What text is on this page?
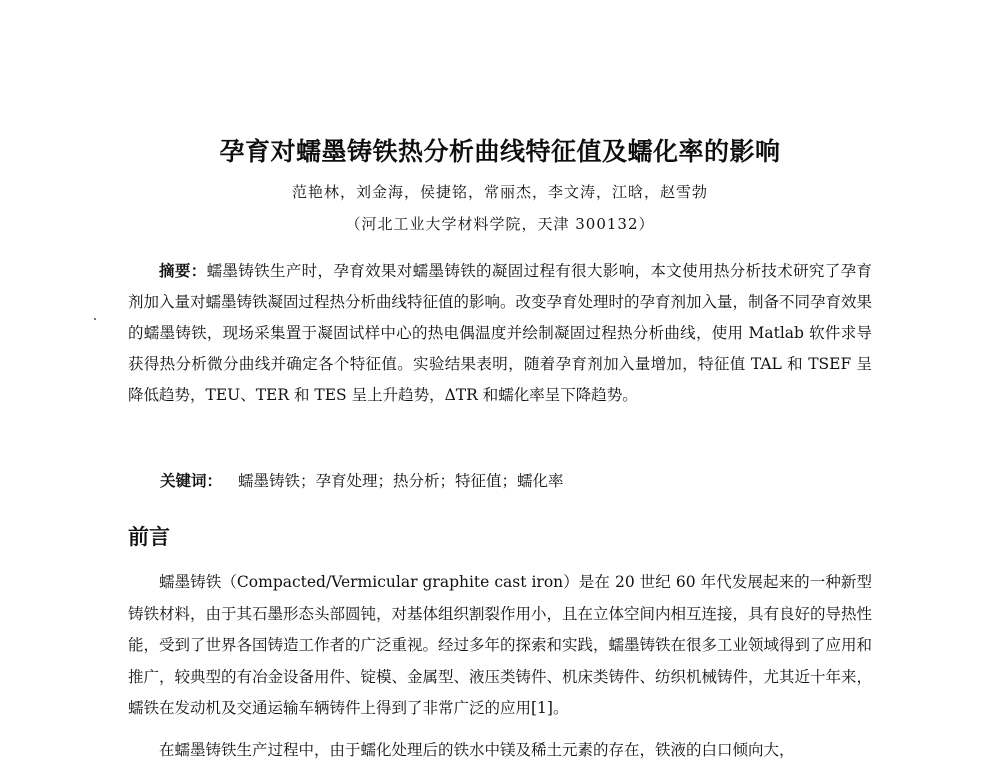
孕育对蠕墨铸铁热分析曲线特征值及蠕化率的影响
范艳林，刘金海，侯捷铭，常丽杰，李文涛，江晗，赵雪勃
（河北工业大学材料学院，天津 300132）

摘要：蠕墨铸铁生产时，孕育效果对蠕墨铸铁的凝固过程有很大影响，本文使用热分析技术研究了孕育剂加入量对蠕墨铸铁凝固过程热分析曲线特征值的影响。改变孕育处理时的孕育剂加入量，制备不同孕育效果的蠕墨铸铁，现场采集置于凝固试样中心的热电偶温度并绘制凝固过程热分析曲线，使用 Matlab 软件求导获得热分析微分曲线并确定各个特征值。实验结果表明，随着孕育剂加入量增加，特征值 TAL 和 TSEF 呈降低趋势，TEU、TER 和 TES 呈上升趋势，ΔTR 和蠕化率呈下降趋势。

关键词： 蠕墨铸铁；孕育处理；热分析；特征值；蠕化率

前言

蠕墨铸铁（Compacted/Vermicular graphite cast iron）是在 20 世纪 60 年代发展起来的一种新型铸铁材料，由于其石墨形态头部圆钝，对基体组织割裂作用小，且在立体空间内相互连接，具有良好的导热性能，受到了世界各国铸造工作者的广泛重视。经过多年的探索和实践，蠕墨铸铁在很多工业领域得到了应用和推广，较典型的有冶金设备用件、锭模、金属型、液压类铸件、机床类铸件、纺织机械铸件，尤其近十年来，蠕铁在发动机及交通运输车辆铸件上得到了非常广泛的应用[1]。

在蠕墨铸铁生产过程中，由于蠕化处理后的铁水中镁及稀土元素的存在，铁液的白口倾向大，
